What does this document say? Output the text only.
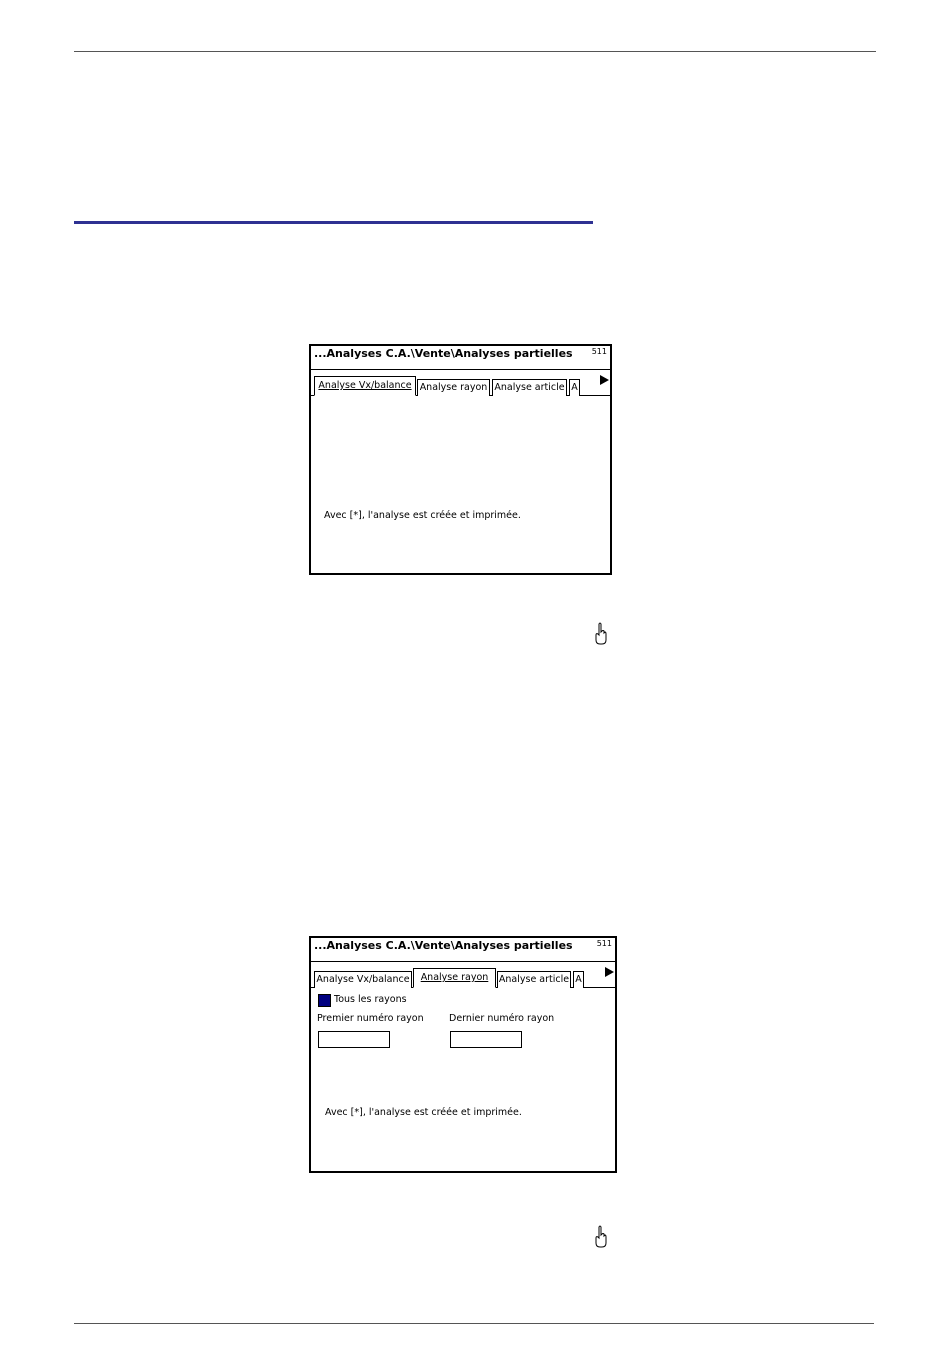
...Analyses C.A.\Vente\Analyses partielles 511
Analyse Vx/balance Analyse rayon Analyse article A
Avec [*], l'analyse est créée et imprimée.
...Analyses C.A.\Vente\Analyses partielles	511
Analyse Vx/balance	Analyse rayon	Analyse article A
Tous les rayons
Premier numéro rayon	Dernier numéro rayon
Avec [*], l'analyse est créée et imprimée.
